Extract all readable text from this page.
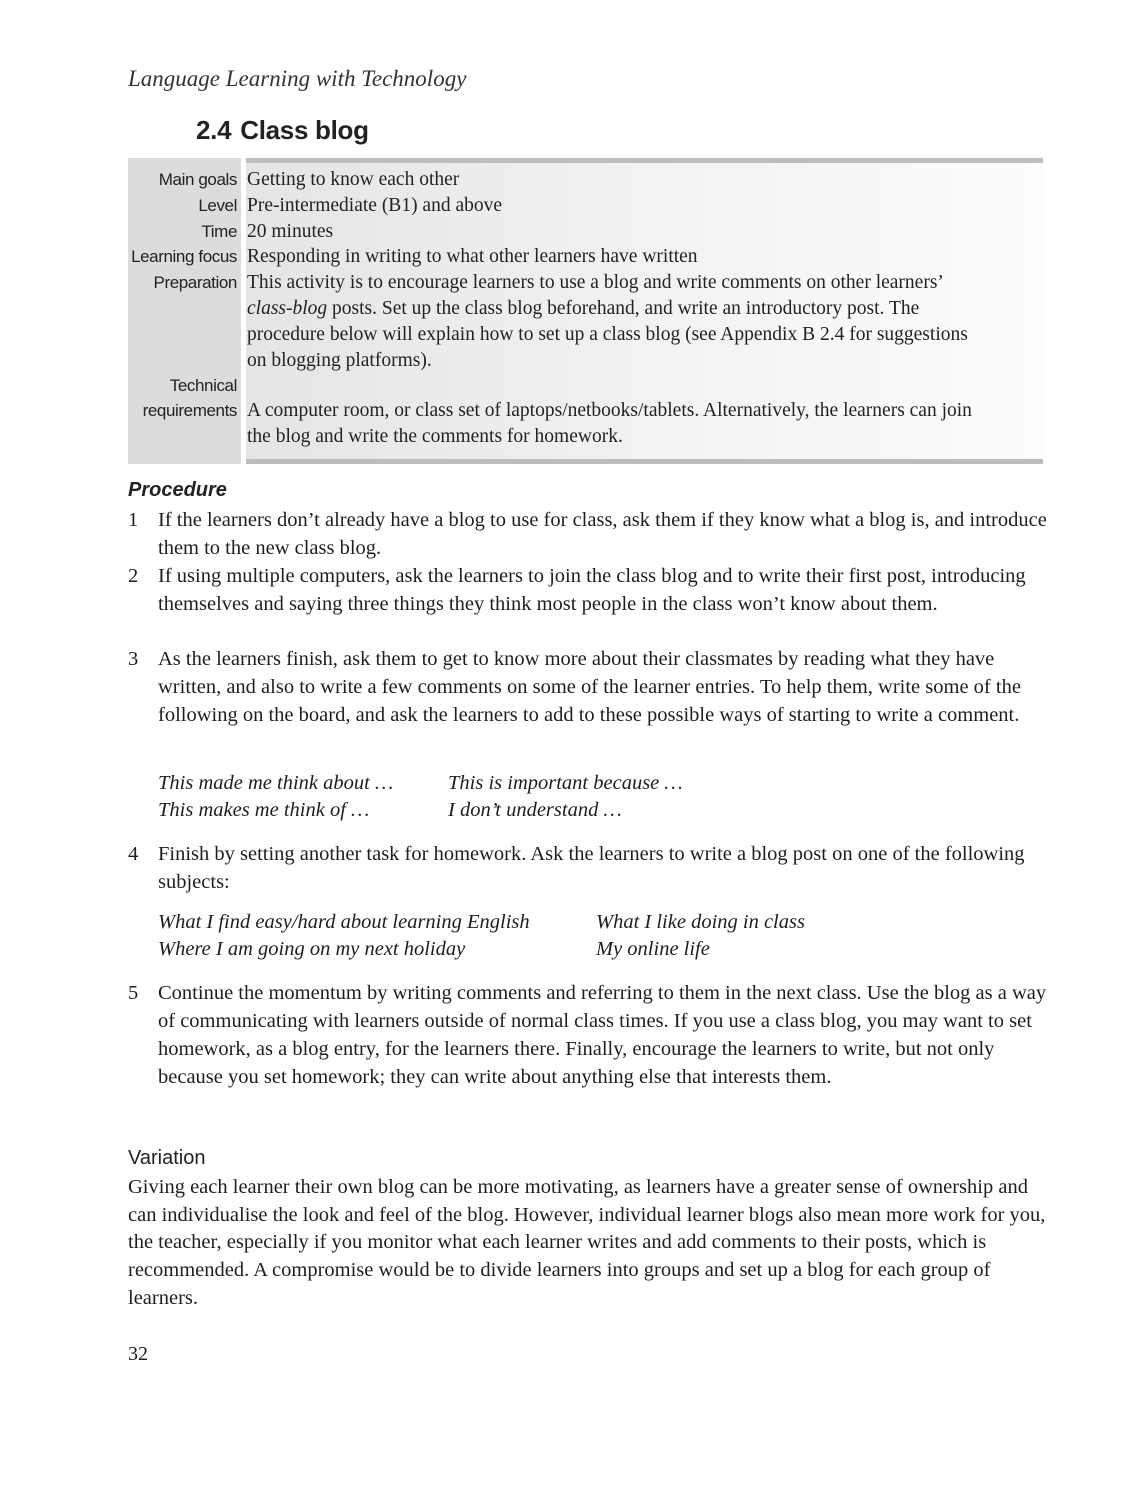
Language Learning with Technology
2.4 Class blog
Main goals Getting to know each other
Level Pre-intermediate (B1) and above
Time 20 minutes
Learning focus Responding in writing to what other learners have written
Preparation This activity is to encourage learners to use a blog and write comments on other learners’

class-blog posts. Set up the class blog beforehand, and write an introductory post. The

procedure below will explain how to set up a class blog (see Appendix B 2.4 for suggestions

on blogging platforms).

Technical
requirements A computer room, or class set of laptops/netbooks/tablets. Alternatively, the learners can join

the blog and write the comments for homework.

Procedure
1 If the learners don’t already have a blog to use for class, ask them if they know what a blog is, and introduce them to the new class blog.
2 If using multiple computers, ask the learners to join the class blog and to write their first post, introducing themselves and saying three things they think most people in the class won’t know about them.
3 As the learners finish, ask them to get to know more about their classmates by reading what they have written, and also to write a few comments on some of the learner entries. To help them, write some of the following on the board, and ask the learners to add to these possible ways of starting to write a comment.
This made me think about …	This is important because …
This makes me think of …	I don’t understand …
4 Finish by setting another task for homework. Ask the learners to write a blog post on one of the following subjects:
What I find easy/hard about learning English	What I like doing in class
Where I am going on my next holiday	My online life
5 Continue the momentum by writing comments and referring to them in the next class. Use the blog as a way of communicating with learners outside of normal class times. If you use a class blog, you may want to set homework, as a blog entry, for the learners there. Finally, encourage the learners to write, but not only because you set homework; they can write about anything else that interests them.
Variation
Giving each learner their own blog can be more motivating, as learners have a greater sense of ownership and can individualise the look and feel of the blog. However, individual learner blogs also mean more work for you, the teacher, especially if you monitor what each learner writes and add comments to their posts, which is recommended. A compromise would be to divide learners into groups and set up a blog for each group of learners.
32
